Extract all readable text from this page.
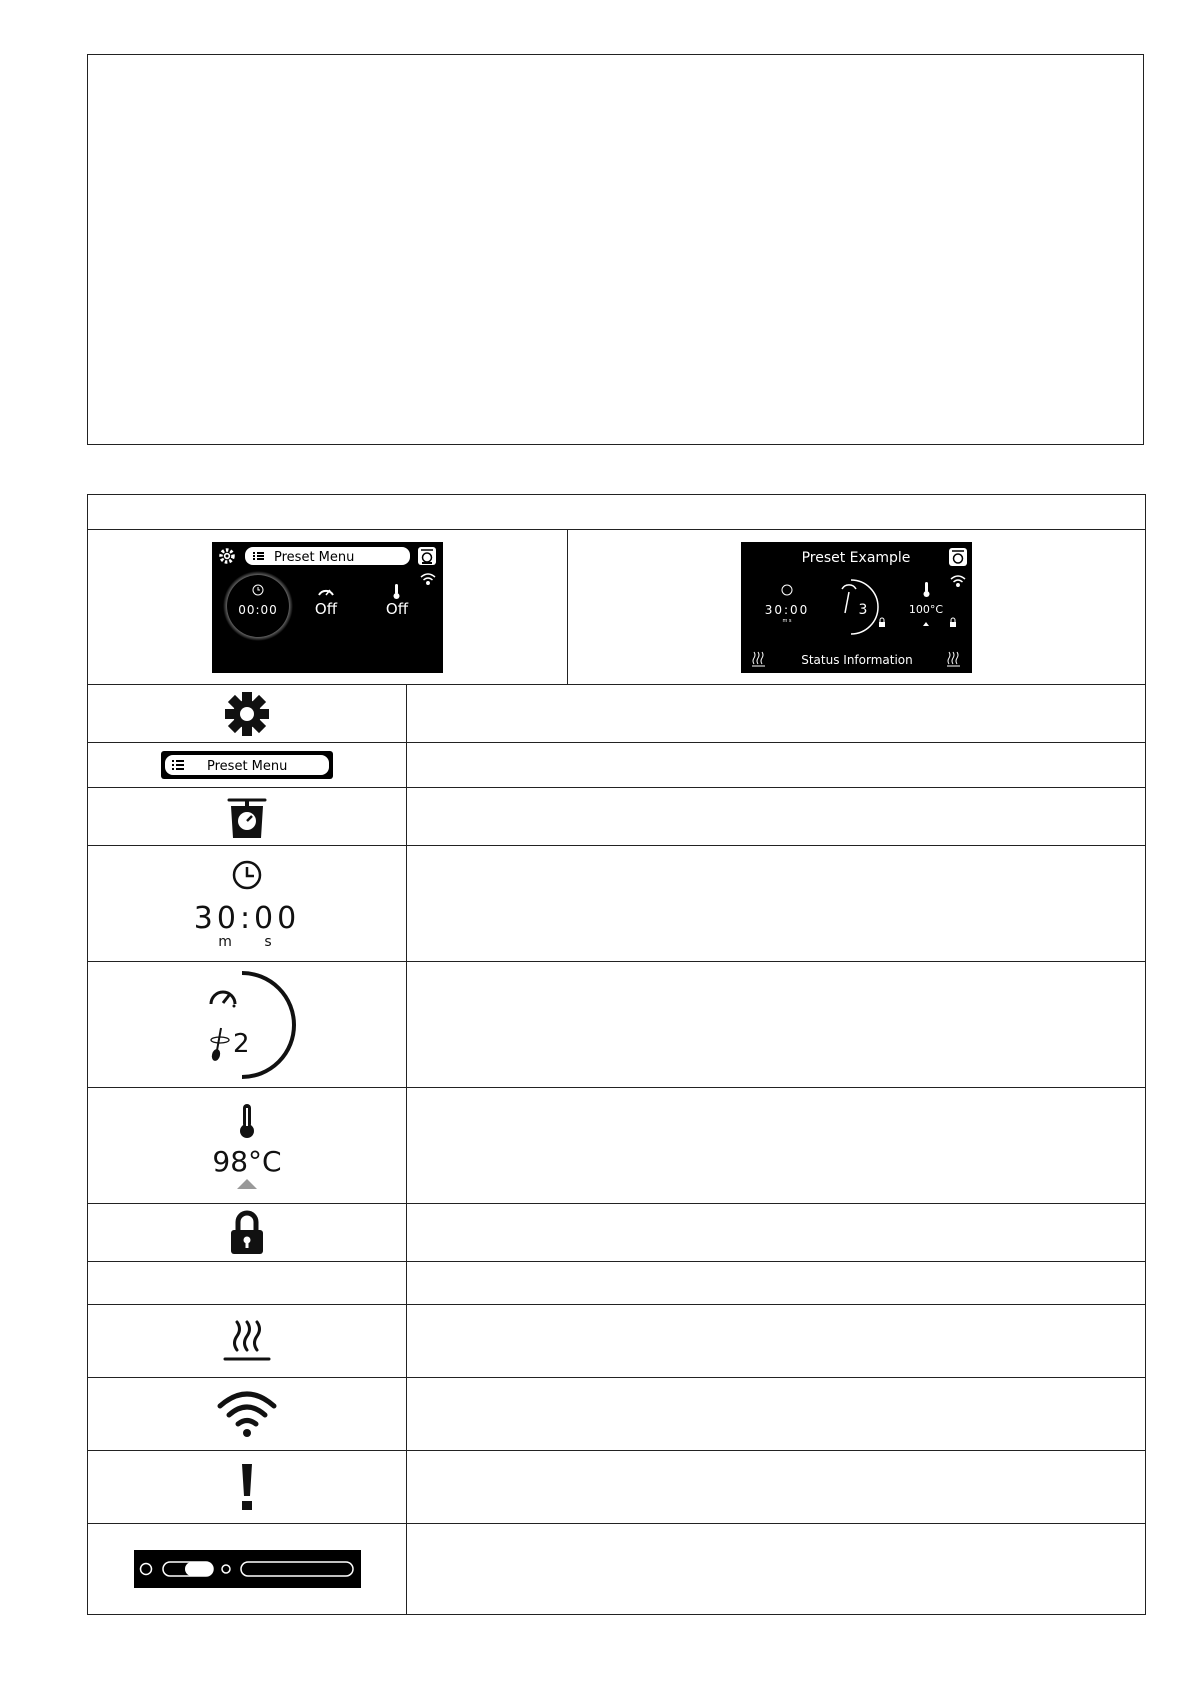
Preset Menu
00:00 Off	Off
Preset Example
30:00
m s
3	100°C
Status Information
Preset Menu
30:00
m s
2
98°C
